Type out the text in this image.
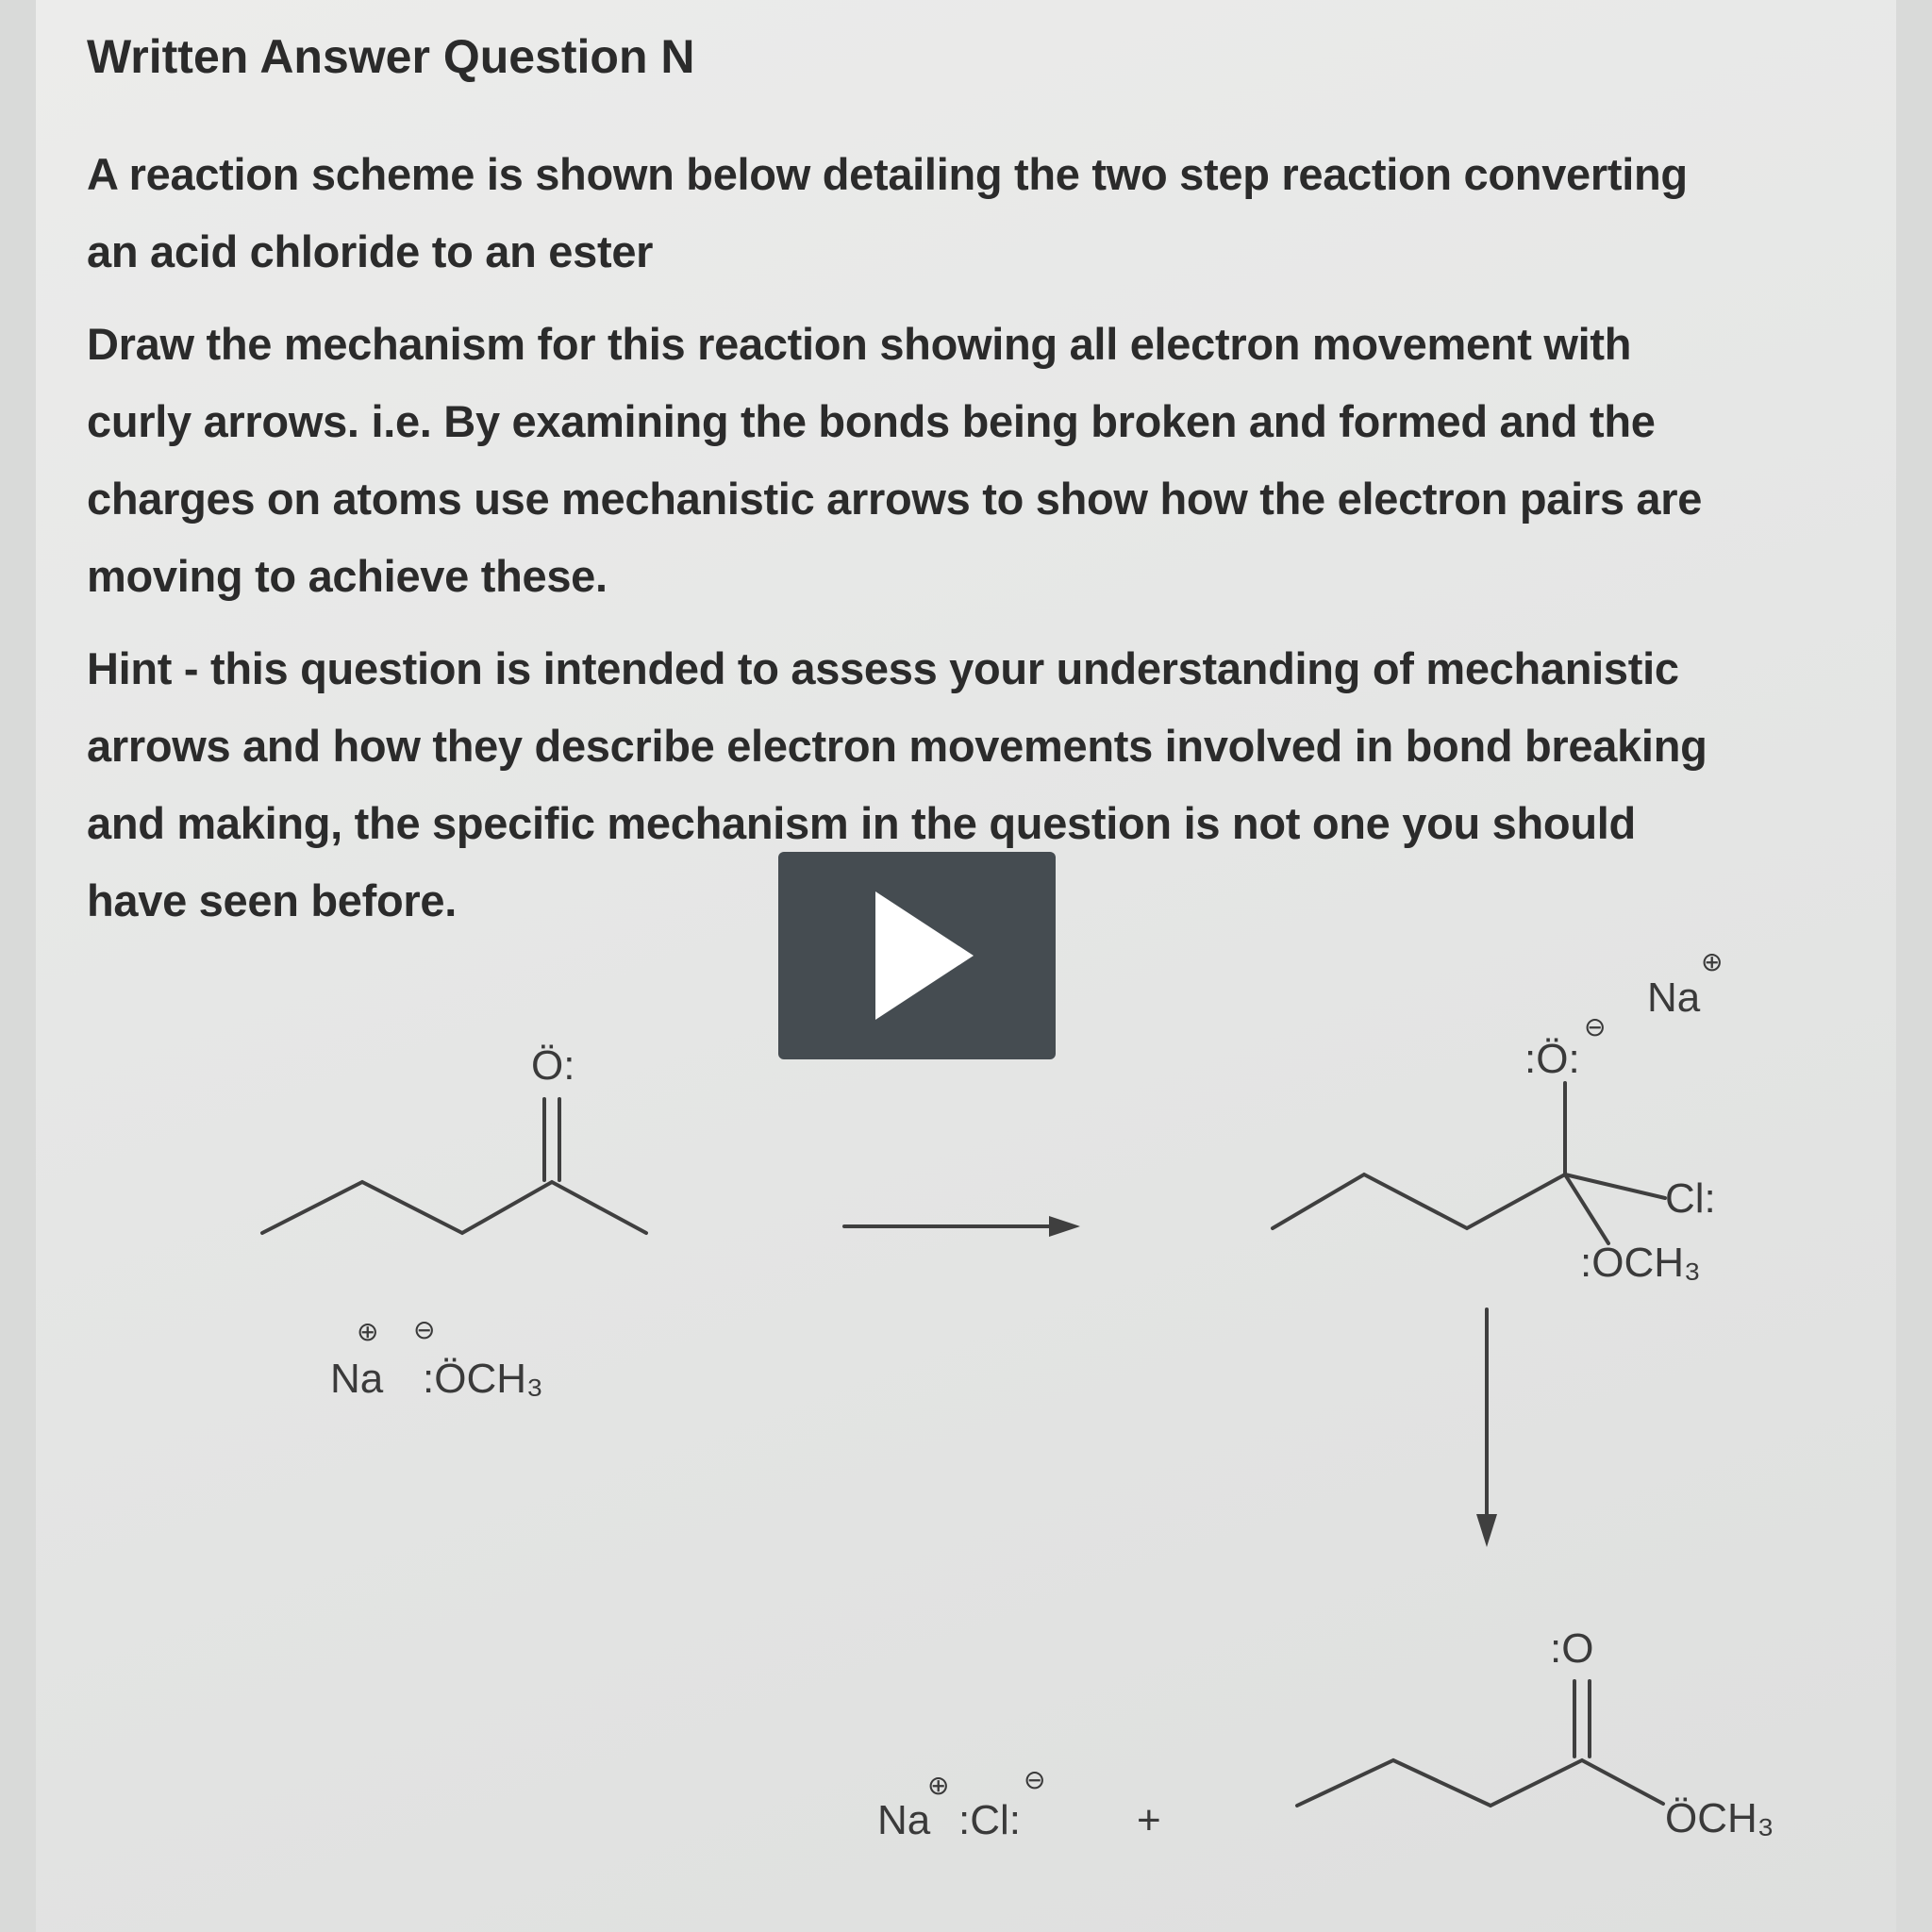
Written Answer Question N
A reaction scheme is shown below detailing the two step reaction converting
an acid chloride to an ester
Draw the mechanism for this reaction showing all electron movement with
curly arrows. i.e. By examining the bonds being broken and formed and the
charges on atoms use mechanistic arrows to show how the electron pairs are
moving to achieve these.
Hint - this question is intended to assess your understanding of mechanistic
arrows and how they describe electron movements involved in bond breaking
and making, the specific mechanism in the question is not one you should
have seen before.
Ö:
⊕ ⊖
Na :ÖCH₃
Na
⊕
:Ö:
⊖
Cl:
:OCH₃
:O
ÖCH₃
⊕
Na :Cl:
⊖
+
